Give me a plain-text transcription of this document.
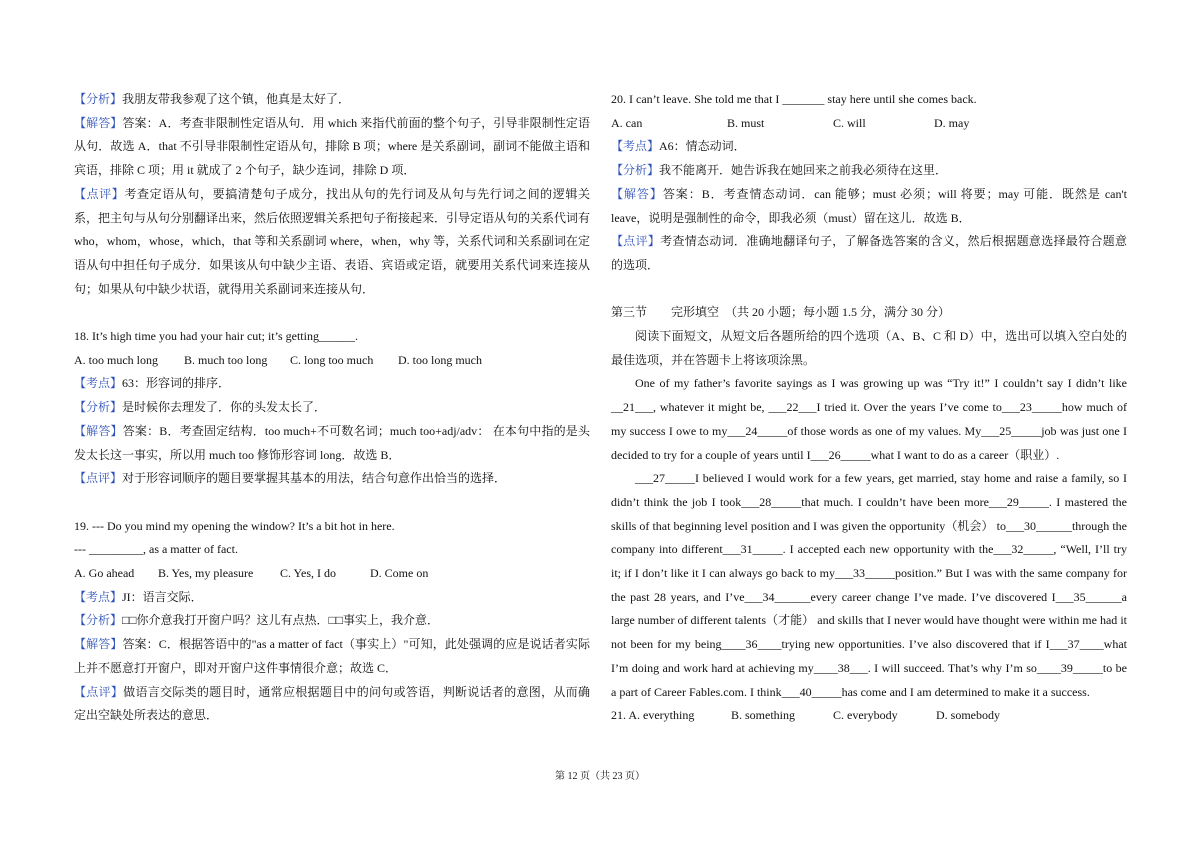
【分析】我朋友带我参观了这个镇，他真是太好了．

【解答】答案：A．考查非限制性定语从句．用 which 来指代前面的整个句子，引导非限制性定语从句．故选 A．that 不引导非限制性定语从句，排除 B 项；where 是关系副词，副词不能做主语和宾语，排除 C 项；用 it 就成了 2 个句子，缺少连词，排除 D 项．

【点评】考查定语从句，要搞清楚句子成分，找出从句的先行词及从句与先行词之间的逻辑关系，把主句与从句分别翻译出来，然后依照逻辑关系把句子衔接起来．引导定语从句的关系代词有 who，whom，whose，which，that 等和关系副词 where，when，why 等，关系代词和关系副词在定语从句中担任句子成分．如果该从句中缺少主语、表语、宾语或定语，就要用关系代词来连接从句；如果从句中缺少状语，就得用关系副词来连接从句．

18. It’s high time you had your hair cut; it’s getting______.

A. too much long	B. much too long	C. long too much	D. too long much

【考点】63：形容词的排序．

【分析】是时候你去理发了．你的头发太长了．

【解答】答案：B．考查固定结构．too much+不可数名词；much too+adj/adv： 在本句中指的是头发太长这一事实，所以用 much too 修饰形容词 long．故选 B．

【点评】对于形容词顺序的题目要掌握其基本的用法，结合句意作出恰当的选择．

19. --- Do you mind my opening the window? It’s a bit hot in here.

--- _________, as a matter of fact.

A. Go ahead	B. Yes, my pleasure	C. Yes, I do	D. Come on

【考点】JI：语言交际．

【分析】□□你介意我打开窗户吗？这儿有点热．□□事实上，我介意．

【解答】答案：C．根据答语中的"as a matter of fact（事实上）"可知，此处强调的应是说话者实际上并不愿意打开窗户，即对开窗户这件事情很介意；故选 C．

【点评】做语言交际类的题目时，通常应根据题目中的问句或答语，判断说话者的意图，从而确定出空缺处所表达的意思．

20. I can’t leave. She told me that I _______ stay here until she comes back.

A. can	B. must	C. will	D. may

【考点】A6：情态动词．

【分析】我不能离开．她告诉我在她回来之前我必须待在这里．

【解答】答案：B．考查情态动词．can 能够；must 必须；will 将要；may 可能．既然是 can't leave，说明是强制性的命令，即我必须（must）留在这儿．故选 B．

【点评】考查情态动词．准确地翻译句子，了解备选答案的含义，然后根据题意选择最符合题意的选项．

第三节　　完形填空　（共 20 小题；每小题 1.5 分，满分 30 分）

阅读下面短文，从短文后各题所给的四个选项（A、B、C 和 D）中，选出可以填入空白处的最佳选项，并在答题卡上将该项涂黑。

One of my father’s favorite sayings as I was growing up was “Try it!” I couldn’t say I didn’t like __21___, whatever it might be, ___22___I tried it. Over the years I’ve come to___23_____how much of my success I owe to my___24_____of those words as one of my values. My___25_____job was just one I decided to try for a couple of years until I___26_____what I want to do as a career（职业）.

___27_____I believed I would work for a few years, get married, stay home and raise a family, so I didn’t think the job I took___28_____that much. I couldn’t have been more___29_____. I mastered the skills of that beginning level position and I was given the opportunity（机会） to___30______through the company into different___31_____. I accepted each new opportunity with the___32_____, “Well, I’ll try it; if I don’t like it I can always go back to my___33_____position.” But I was with the same company for the past 28 years, and I’ve___34______every career change I’ve made. I’ve discovered I___35______a large number of different talents（才能） and skills that I never would have thought were within me had it not been for my being____36____trying new opportunities. I’ve also discovered that if I___37____what I’m doing and work hard at achieving my____38___. I will succeed. That’s why I’m so____39_____to be a part of Career Fables.com. I think___40_____has come and I am determined to make it a success.

21. A. everything	B. something	C. everybody	D. somebody
第 12 页（共 23 页）
